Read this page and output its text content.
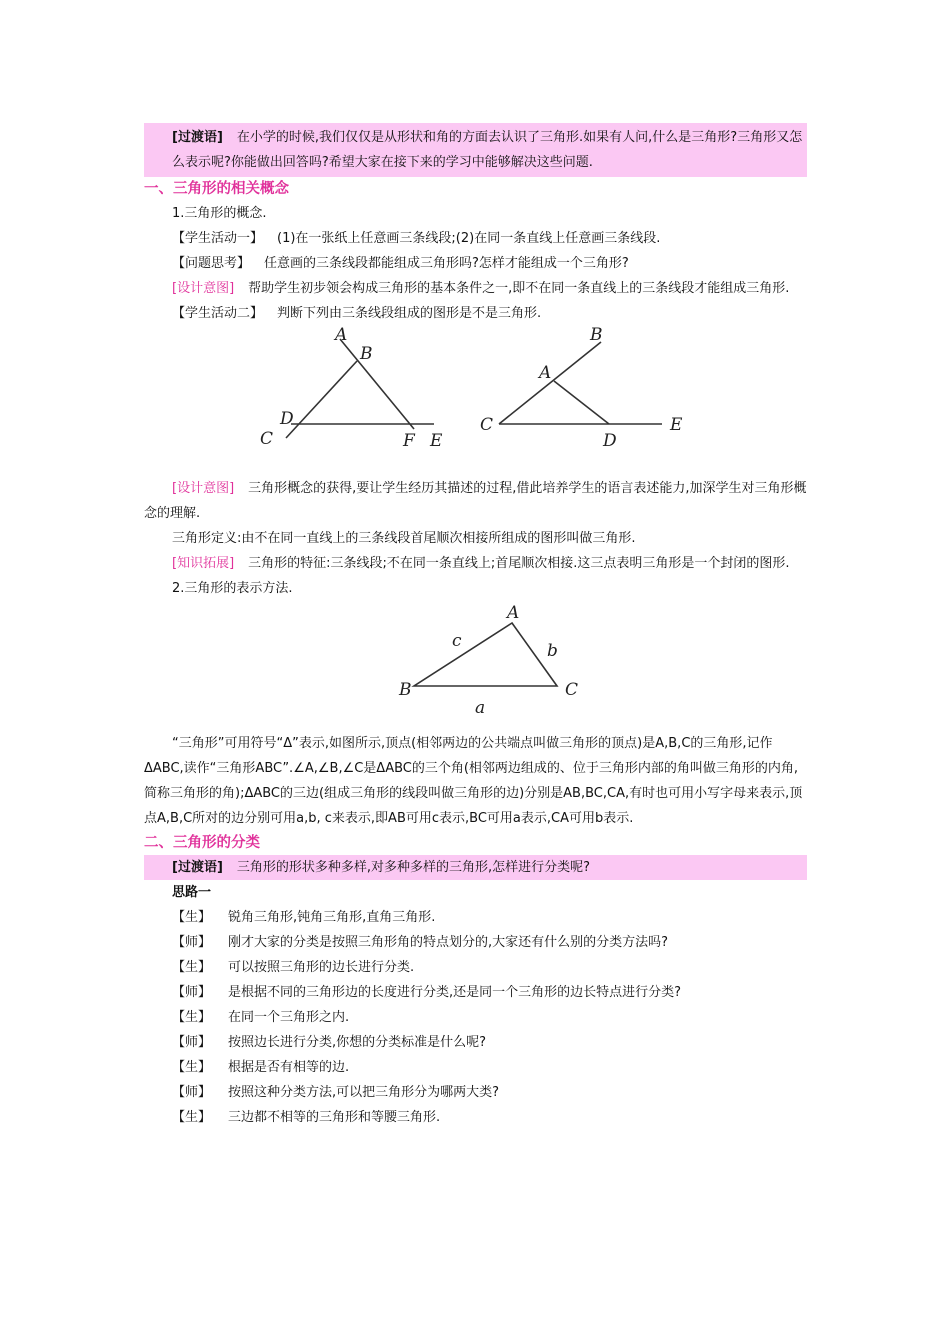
[过渡语] 在小学的时候,我们仅仅是从形状和角的方面去认识了三角形.如果有人问,什么是三角形?三角形又怎么表示呢?你能做出回答吗?希望大家在接下来的学习中能够解决这些问题.
一、三角形的相关概念
1.三角形的概念.
【学生活动一】 (1)在一张纸上任意画三条线段;(2)在同一条直线上任意画三条线段.
【问题思考】 任意画的三条线段都能组成三角形吗?怎样才能组成一个三角形?
[设计意图] 帮助学生初步领会构成三角形的基本条件之一,即不在同一条直线上的三条线段才能组成三角形.
【学生活动二】 判断下列由三条线段组成的图形是不是三角形.
A
B
D
C	F E
B
A
C
D
E
[设计意图] 三角形概念的获得,要让学生经历其描述的过程,借此培养学生的语言表述能力,加深学生对三角形概念的理解.
三角形定义:由不在同一直线上的三条线段首尾顺次相接所组成的图形叫做三角形.
[知识拓展] 三角形的特征:三条线段;不在同一条直线上;首尾顺次相接.这三点表明三角形是一个封闭的图形.
2.三角形的表示方法.
A
c	b
B	C
a
“三角形”可用符号“Δ”表示,如图所示,顶点(相邻两边的公共端点叫做三角形的顶点)是A,B,C的三角形,记作ΔABC,读作“三角形ABC”.∠A,∠B,∠C是ΔABC的三个角(相邻两边组成的、位于三角形内部的角叫做三角形的内角,简称三角形的角);ΔABC的三边(组成三角形的线段叫做三角形的边)分别是AB,BC,CA,有时也可用小写字母来表示,顶点A,B,C所对的边分别可用a,b, c来表示,即AB可用c表示,BC可用a表示,CA可用b表示.
二、三角形的分类
[过渡语] 三角形的形状多种多样,对多种多样的三角形,怎样进行分类呢?
思路一
【生】 锐角三角形,钝角三角形,直角三角形.
【师】 刚才大家的分类是按照三角形角的特点划分的,大家还有什么别的分类方法吗?
【生】 可以按照三角形的边长进行分类.
【师】 是根据不同的三角形边的长度进行分类,还是同一个三角形的边长特点进行分类?
【生】 在同一个三角形之内.
【师】 按照边长进行分类,你想的分类标准是什么呢?
【生】 根据是否有相等的边.
【师】 按照这种分类方法,可以把三角形分为哪两大类?
【生】 三边都不相等的三角形和等腰三角形.
